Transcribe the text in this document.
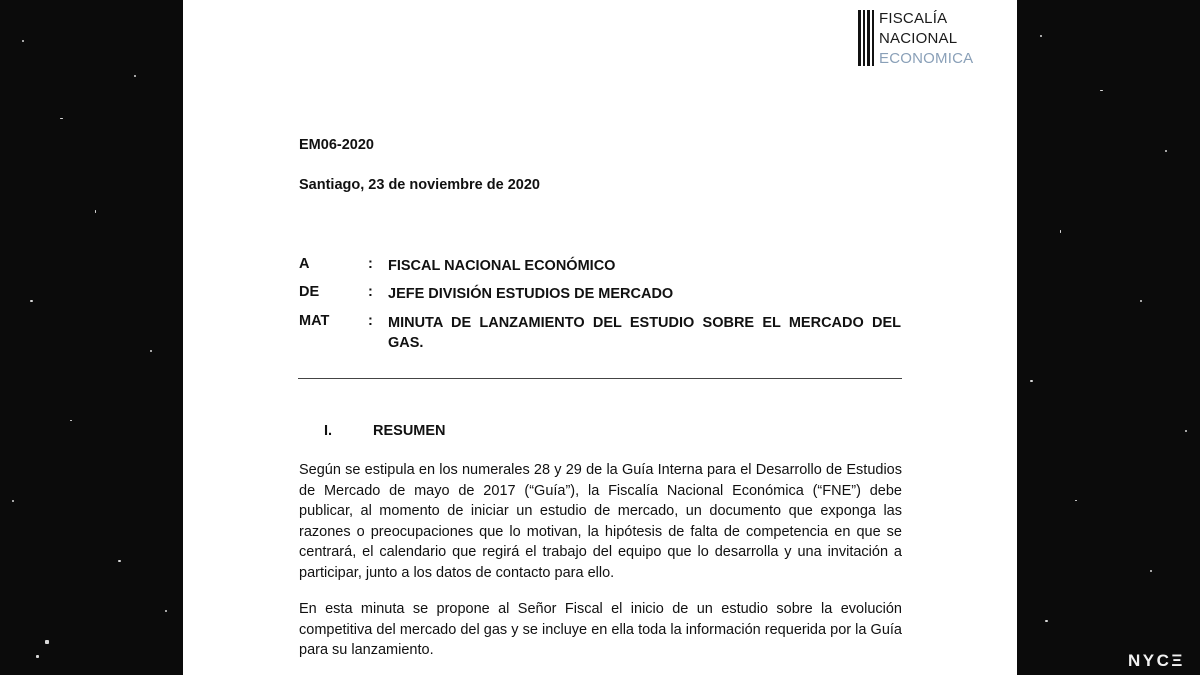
FISCALÍA
NACIONAL
ECONOMICA
EM06-2020
Santiago, 23 de noviembre de 2020
A	: FISCAL NACIONAL ECONÓMICO
DE	: JEFE DIVISIÓN ESTUDIOS DE MERCADO
MAT	: MINUTA DE LANZAMIENTO DEL ESTUDIO SOBRE EL MERCADO DEL GAS.
I.	RESUMEN
Según se estipula en los numerales 28 y 29 de la Guía Interna para el Desarrollo de Estudios de Mercado de mayo de 2017 (“Guía”), la Fiscalía Nacional Económica (“FNE”) debe publicar, al momento de iniciar un estudio de mercado, un documento que exponga las razones o preocupaciones que lo motivan, la hipótesis de falta de competencia en que se centrará, el calendario que regirá el trabajo del equipo que lo desarrolla y una invitación a participar, junto a los datos de contacto para ello.
En esta minuta se propone al Señor Fiscal el inicio de un estudio sobre la evolución competitiva del mercado del gas y se incluye en ella toda la información requerida por la Guía para su lanzamiento.
NYCΞ
